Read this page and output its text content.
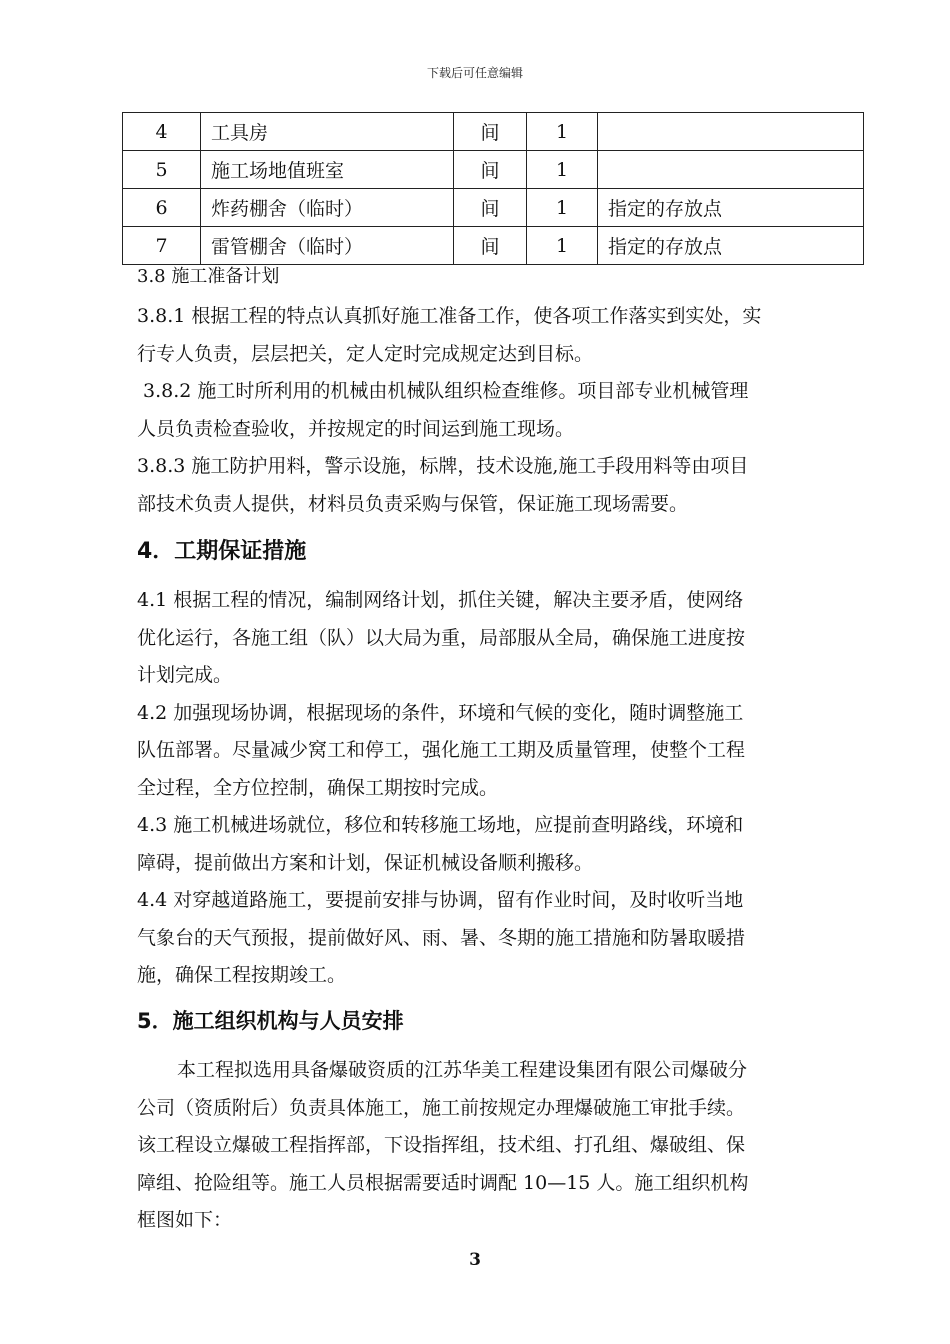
下载后可任意编辑
4	工具房	间	1	
5	施工场地值班室	间	1	
6	炸药棚舍（临时）	间	1	指定的存放点
7	雷管棚舍（临时）	间	1	指定的存放点
3.8 施工准备计划

3.8.1 根据工程的特点认真抓好施工准备工作，使各项工作落实到实处，实

行专人负责，层层把关，定人定时完成规定达到目标。

3.8.2 施工时所利用的机械由机械队组织检查维修。项目部专业机械管理

人员负责检查验收，并按规定的时间运到施工现场。

3.8.3 施工防护用料，警示设施，标牌，技术设施,施工手段用料等由项目

部技术负责人提供，材料员负责采购与保管，保证施工现场需要。

4．工期保证措施

4.1 根据工程的情况，编制网络计划，抓住关键，解决主要矛盾，使网络

优化运行，各施工组（队）以大局为重，局部服从全局，确保施工进度按

计划完成。

4.2 加强现场协调，根据现场的条件，环境和气候的变化，随时调整施工

队伍部署。尽量减少窝工和停工，强化施工工期及质量管理，使整个工程

全过程，全方位控制，确保工期按时完成。

4.3 施工机械进场就位，移位和转移施工场地，应提前查明路线，环境和

障碍，提前做出方案和计划，保证机械设备顺利搬移。

4.4 对穿越道路施工，要提前安排与协调，留有作业时间，及时收听当地

气象台的天气预报，提前做好风、雨、暑、冬期的施工措施和防暑取暖措

施，确保工程按期竣工。

5．施工组织机构与人员安排

本工程拟选用具备爆破资质的江苏华美工程建设集团有限公司爆破分

公司（资质附后）负责具体施工，施工前按规定办理爆破施工审批手续。

该工程设立爆破工程指挥部，下设指挥组，技术组、打孔组、爆破组、保

障组、抢险组等。施工人员根据需要适时调配 10—15 人。施工组织机构

框图如下：

3
